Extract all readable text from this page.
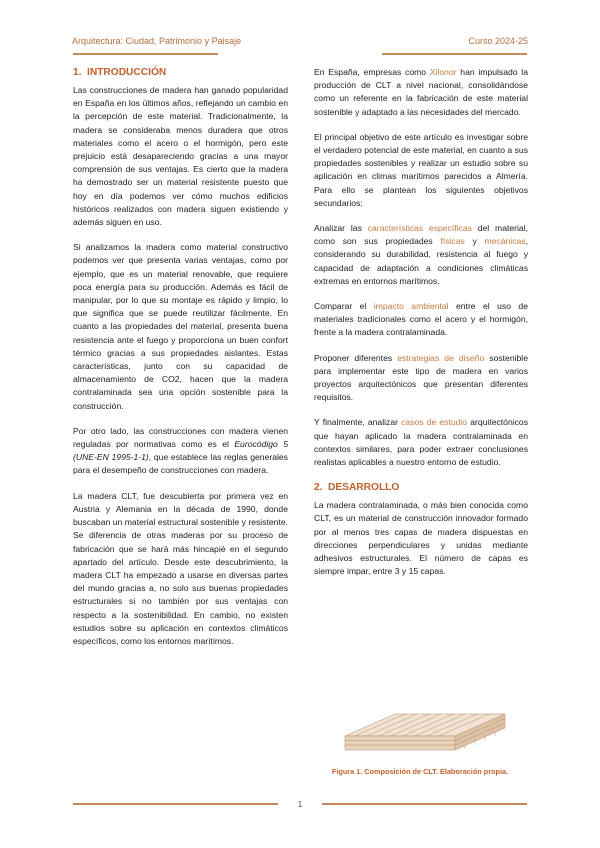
Arquitectura: Ciudad, Patrimonio y Paisaje	Curso 2024-25
1. INTRODUCCIÓN

Las construcciones de madera han ganado popularidad en España en los últimos años, reflejando un cambio en la percepción de este material. Tradicionalmente, la madera se consideraba menos duradera que otros materiales como el acero o el hormigón, pero este prejuicio está desapareciendo gracias a una mayor comprensión de sus ventajas. Es cierto que la madera ha demostrado ser un material resistente puesto que hoy en día podemos ver cómo muchos edificios históricos realizados con madera siguen existiendo y además siguen en uso.

Si analizamos la madera como material constructivo podemos ver que presenta varias ventajas, como por ejemplo, que es un material renovable, que requiere poca energía para su producción. Además es fácil de manipular, por lo que su montaje es rápido y limpio, lo que significa que se puede reutilizar fácilmente. En cuanto a las propiedades del material, presenta buena resistencia ante el fuego y proporciona un buen confort térmico gracias a sus propiedades aislantes. Estas características, junto con su capacidad de almacenamiento de CO2, hacen que la madera contralaminada sea una opción sostenible para la construcción.

Por otro lado, las construcciones con madera vienen reguladas por normativas como es el Eurocódigo 5 (UNE-EN 1995-1-1), que establece las reglas generales para el desempeño de construcciones con madera.

La madera CLT, fue descubierta por primera vez en Austria y Alemania en la década de 1990, donde buscaban un material estructural sostenible y resistente. Se diferencia de otras maderas por su proceso de fabricación que se hará más hincapié en el segundo apartado del artículo. Desde este descubrimiento, la madera CLT ha empezado a usarse en diversas partes del mundo gracias a, no solo sus buenas propiedades estructurales si no también por sus ventajas con respecto a la sostenibilidad. En cambio, no existen estudios sobre su aplicación en contextos climáticos específicos, como los entornos marítimos.

En España, empresas como Xilonor han impulsado la producción de CLT a nivel nacional, consolidándose como un referente en la fabricación de este material sostenible y adaptado a las necesidades del mercado.

El principal objetivo de este artículo es investigar sobre el verdadero potencial de este material, en cuanto a sus propiedades sostenibles y realizar un estudio sobre su aplicación en climas marítimos parecidos a Almería. Para ello se plantean los siguientes objetivos secundarios:

Analizar las características específicas del material, como son sus propiedades físicas y mecánicas, considerando su durabilidad, resistencia al fuego y capacidad de adaptación a condiciones climáticas extremas en entornos marítimos.

Comparar el impacto ambiental entre el uso de materiales tradicionales como el acero y el hormigón, frente a la madera contralaminada.

Proponer diferentes estrategias de diseño sostenible para implementar este tipo de madera en varios proyectos arquitectónicos que presentan diferentes requisitos.

Y finalmente, analizar casos de estudio arquitectónicos que hayan aplicado la madera contralaminada en contextos similares, para poder extraer conclusiones realistas aplicables a nuestro entorno de estudio.

2. DESARROLLO

La madera contralaminada, o más bien conocida como CLT, es un material de construcción innovador formado por al menos tres capas de madera dispuestas en direcciones perpendiculares y unidas mediante adhesivos estructurales. El número de capas es siempre impar, entre 3 y 15 capas.

Figura 1. Composición de CLT. Elaboración propia.
1
